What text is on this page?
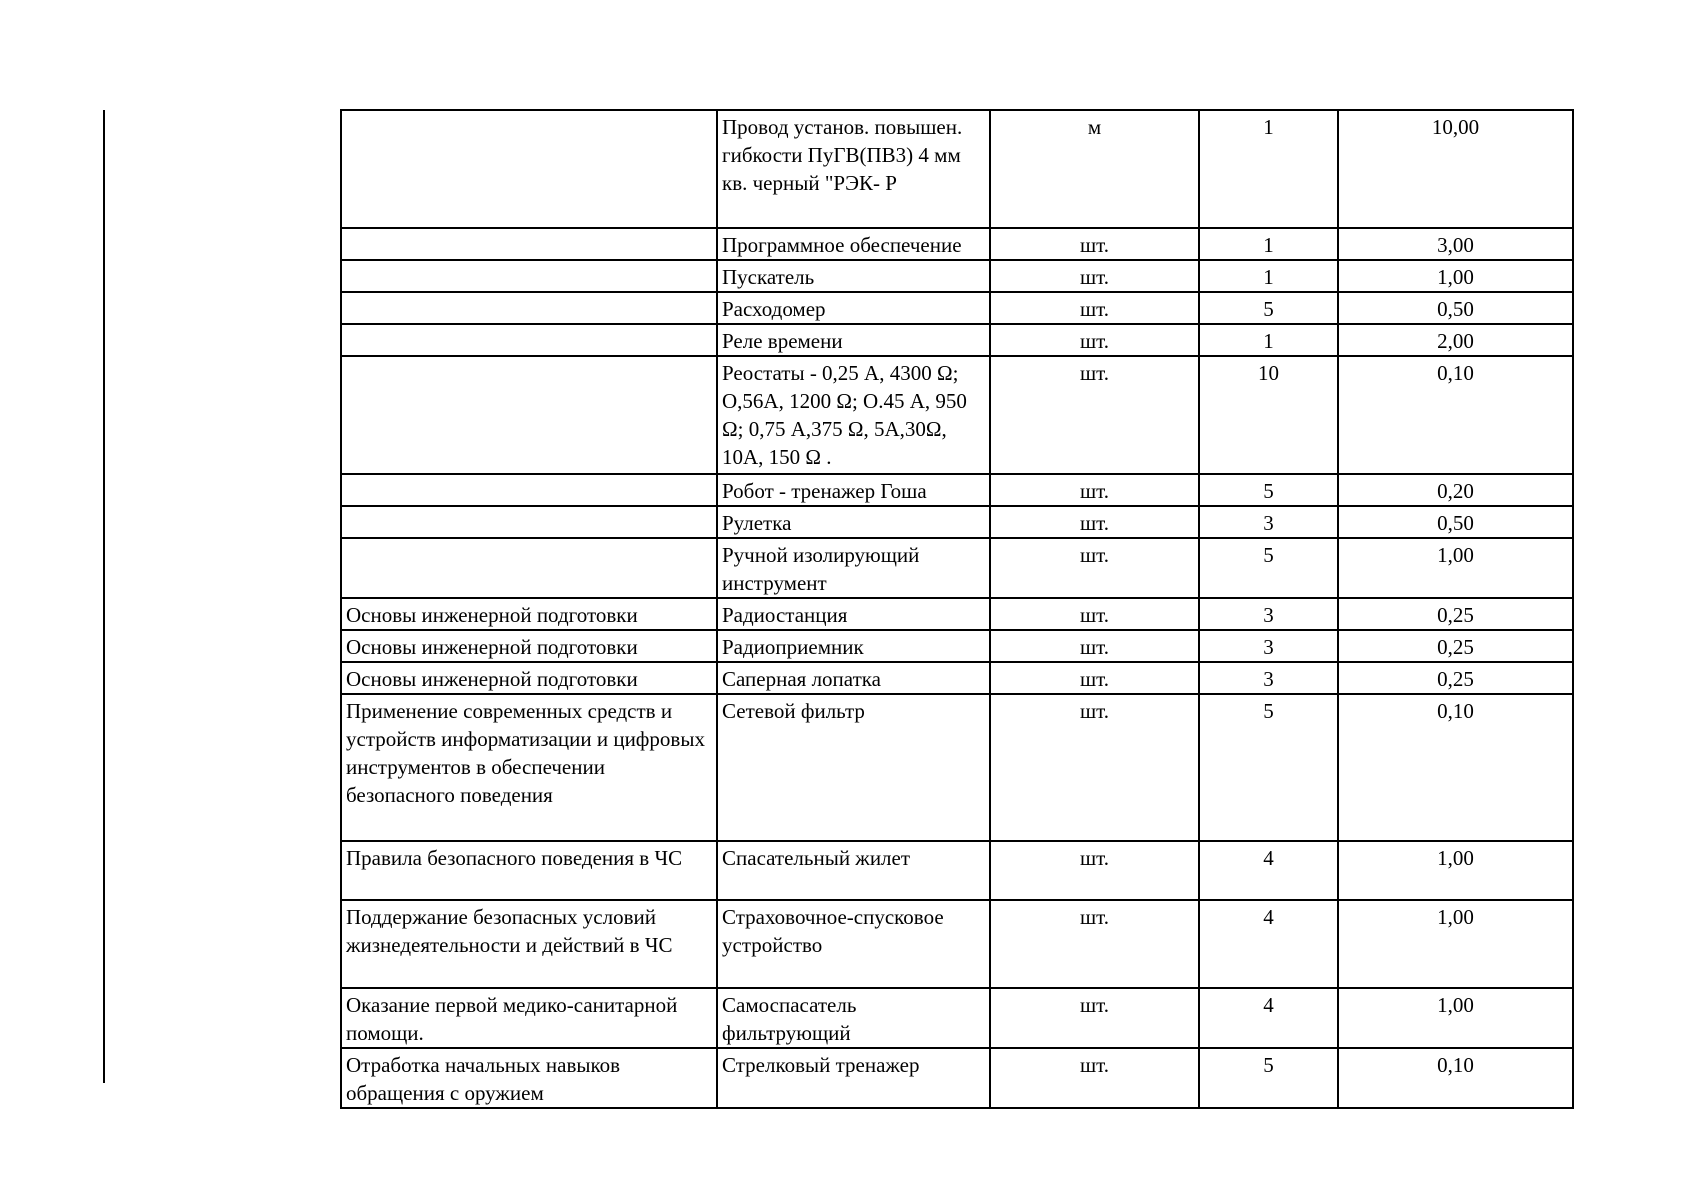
	Провод установ. повышен. гибкости ПуГВ(ПВ3) 4 мм кв. черный "РЭК- Р	м	1	10,00
	Программное обеспечение	шт.	1	3,00
	Пускатель	шт.	1	1,00
	Расходомер	шт.	5	0,50
	Реле времени	шт.	1	2,00
	Реостаты - 0,25 А, 4300 Ω; О,56А, 1200 Ω; О.45 А, 950 Ω; 0,75 А,375 Ω, 5А,30Ω, 10А, 150 Ω .	шт.	10	0,10
	Робот - тренажер Гоша	шт.	5	0,20
	Рулетка	шт.	3	0,50
	Ручной изолирующий инструмент	шт.	5	1,00
Основы инженерной подготовки	Радиостанция	шт.	3	0,25
Основы инженерной подготовки	Радиоприемник	шт.	3	0,25
Основы инженерной подготовки	Саперная лопатка	шт.	3	0,25
Применение современных средств и устройств информатизации и цифровых инструментов в обеспечении безопасного поведения	Сетевой фильтр	шт.	5	0,10
Правила безопасного поведения в ЧС	Спасательный жилет	шт.	4	1,00
Поддержание безопасных условий жизнедеятельности и действий в ЧС	Страховочное-спусковое устройство	шт.	4	1,00
Оказание первой медико-санитарной помощи.	Самоспасатель фильтрующий	шт.	4	1,00
Отработка начальных навыков обращения с оружием	Стрелковый тренажер	шт.	5	0,10
